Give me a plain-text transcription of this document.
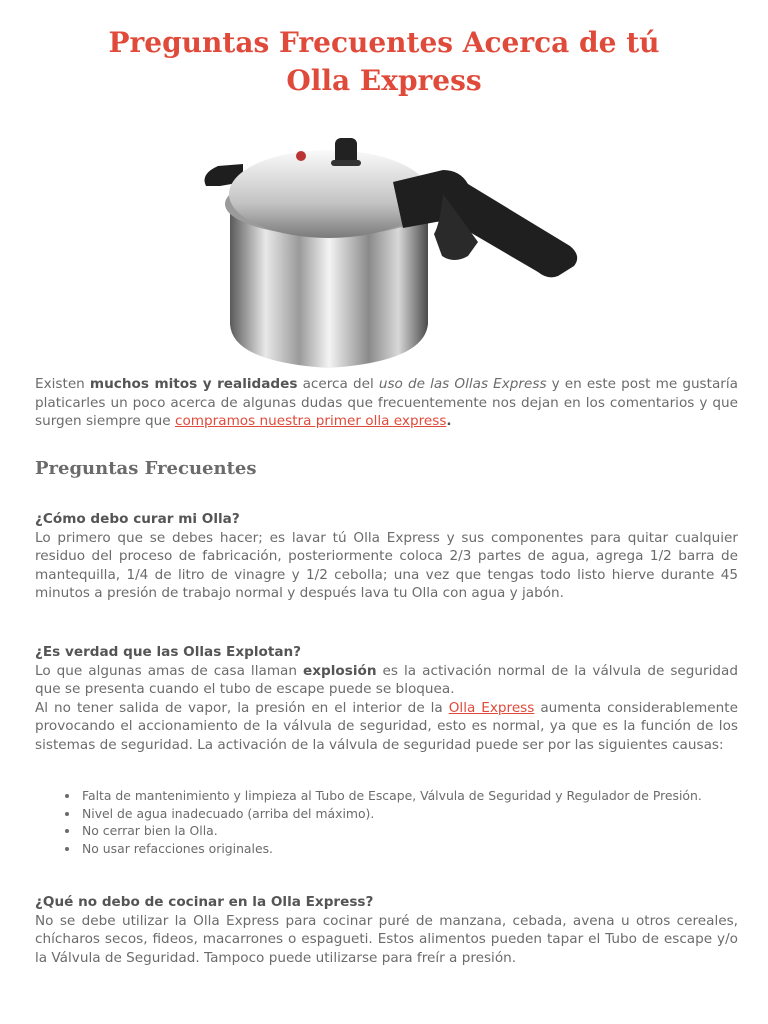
Preguntas Frecuentes Acerca de tú
Olla Express

Existen muchos mitos y realidades acerca del uso de las Ollas Express y en este post me gustaría platicarles un poco acerca de algunas dudas que frecuentemente nos dejan en los comentarios y que surgen siempre que compramos nuestra primer olla express.

Preguntas Frecuentes
¿Cómo debo curar mi Olla?
Lo primero que se debes hacer; es lavar tú Olla Express y sus componentes para quitar cualquier residuo del proceso de fabricación, posteriormente coloca 2/3 partes de agua, agrega 1/2 barra de mantequilla, 1/4 de litro de vinagre y 1/2 cebolla; una vez que tengas todo listo hierve durante 45 minutos a presión de trabajo normal y después lava tu Olla con agua y jabón.
¿Es verdad que las Ollas Explotan?
Lo que algunas amas de casa llaman explosión es la activación normal de la válvula de seguridad que se presenta cuando el tubo de escape puede se bloquea.
Al no tener salida de vapor, la presión en el interior de la Olla Express aumenta considerablemente provocando el accionamiento de la válvula de seguridad, esto es normal, ya que es la función de los sistemas de seguridad. La activación de la válvula de seguridad puede ser por las siguientes causas:
• Falta de mantenimiento y limpieza al Tubo de Escape, Válvula de Seguridad y Regulador de Presión.
• Nivel de agua inadecuado (arriba del máximo).
• No cerrar bien la Olla.
• No usar refacciones originales.
¿Qué no debo de cocinar en la Olla Express?
No se debe utilizar la Olla Express para cocinar puré de manzana, cebada, avena u otros cereales, chícharos secos, fideos, macarrones o espagueti. Estos alimentos pueden tapar el Tubo de escape y/o la Válvula de Seguridad. Tampoco puede utilizarse para freír a presión.
